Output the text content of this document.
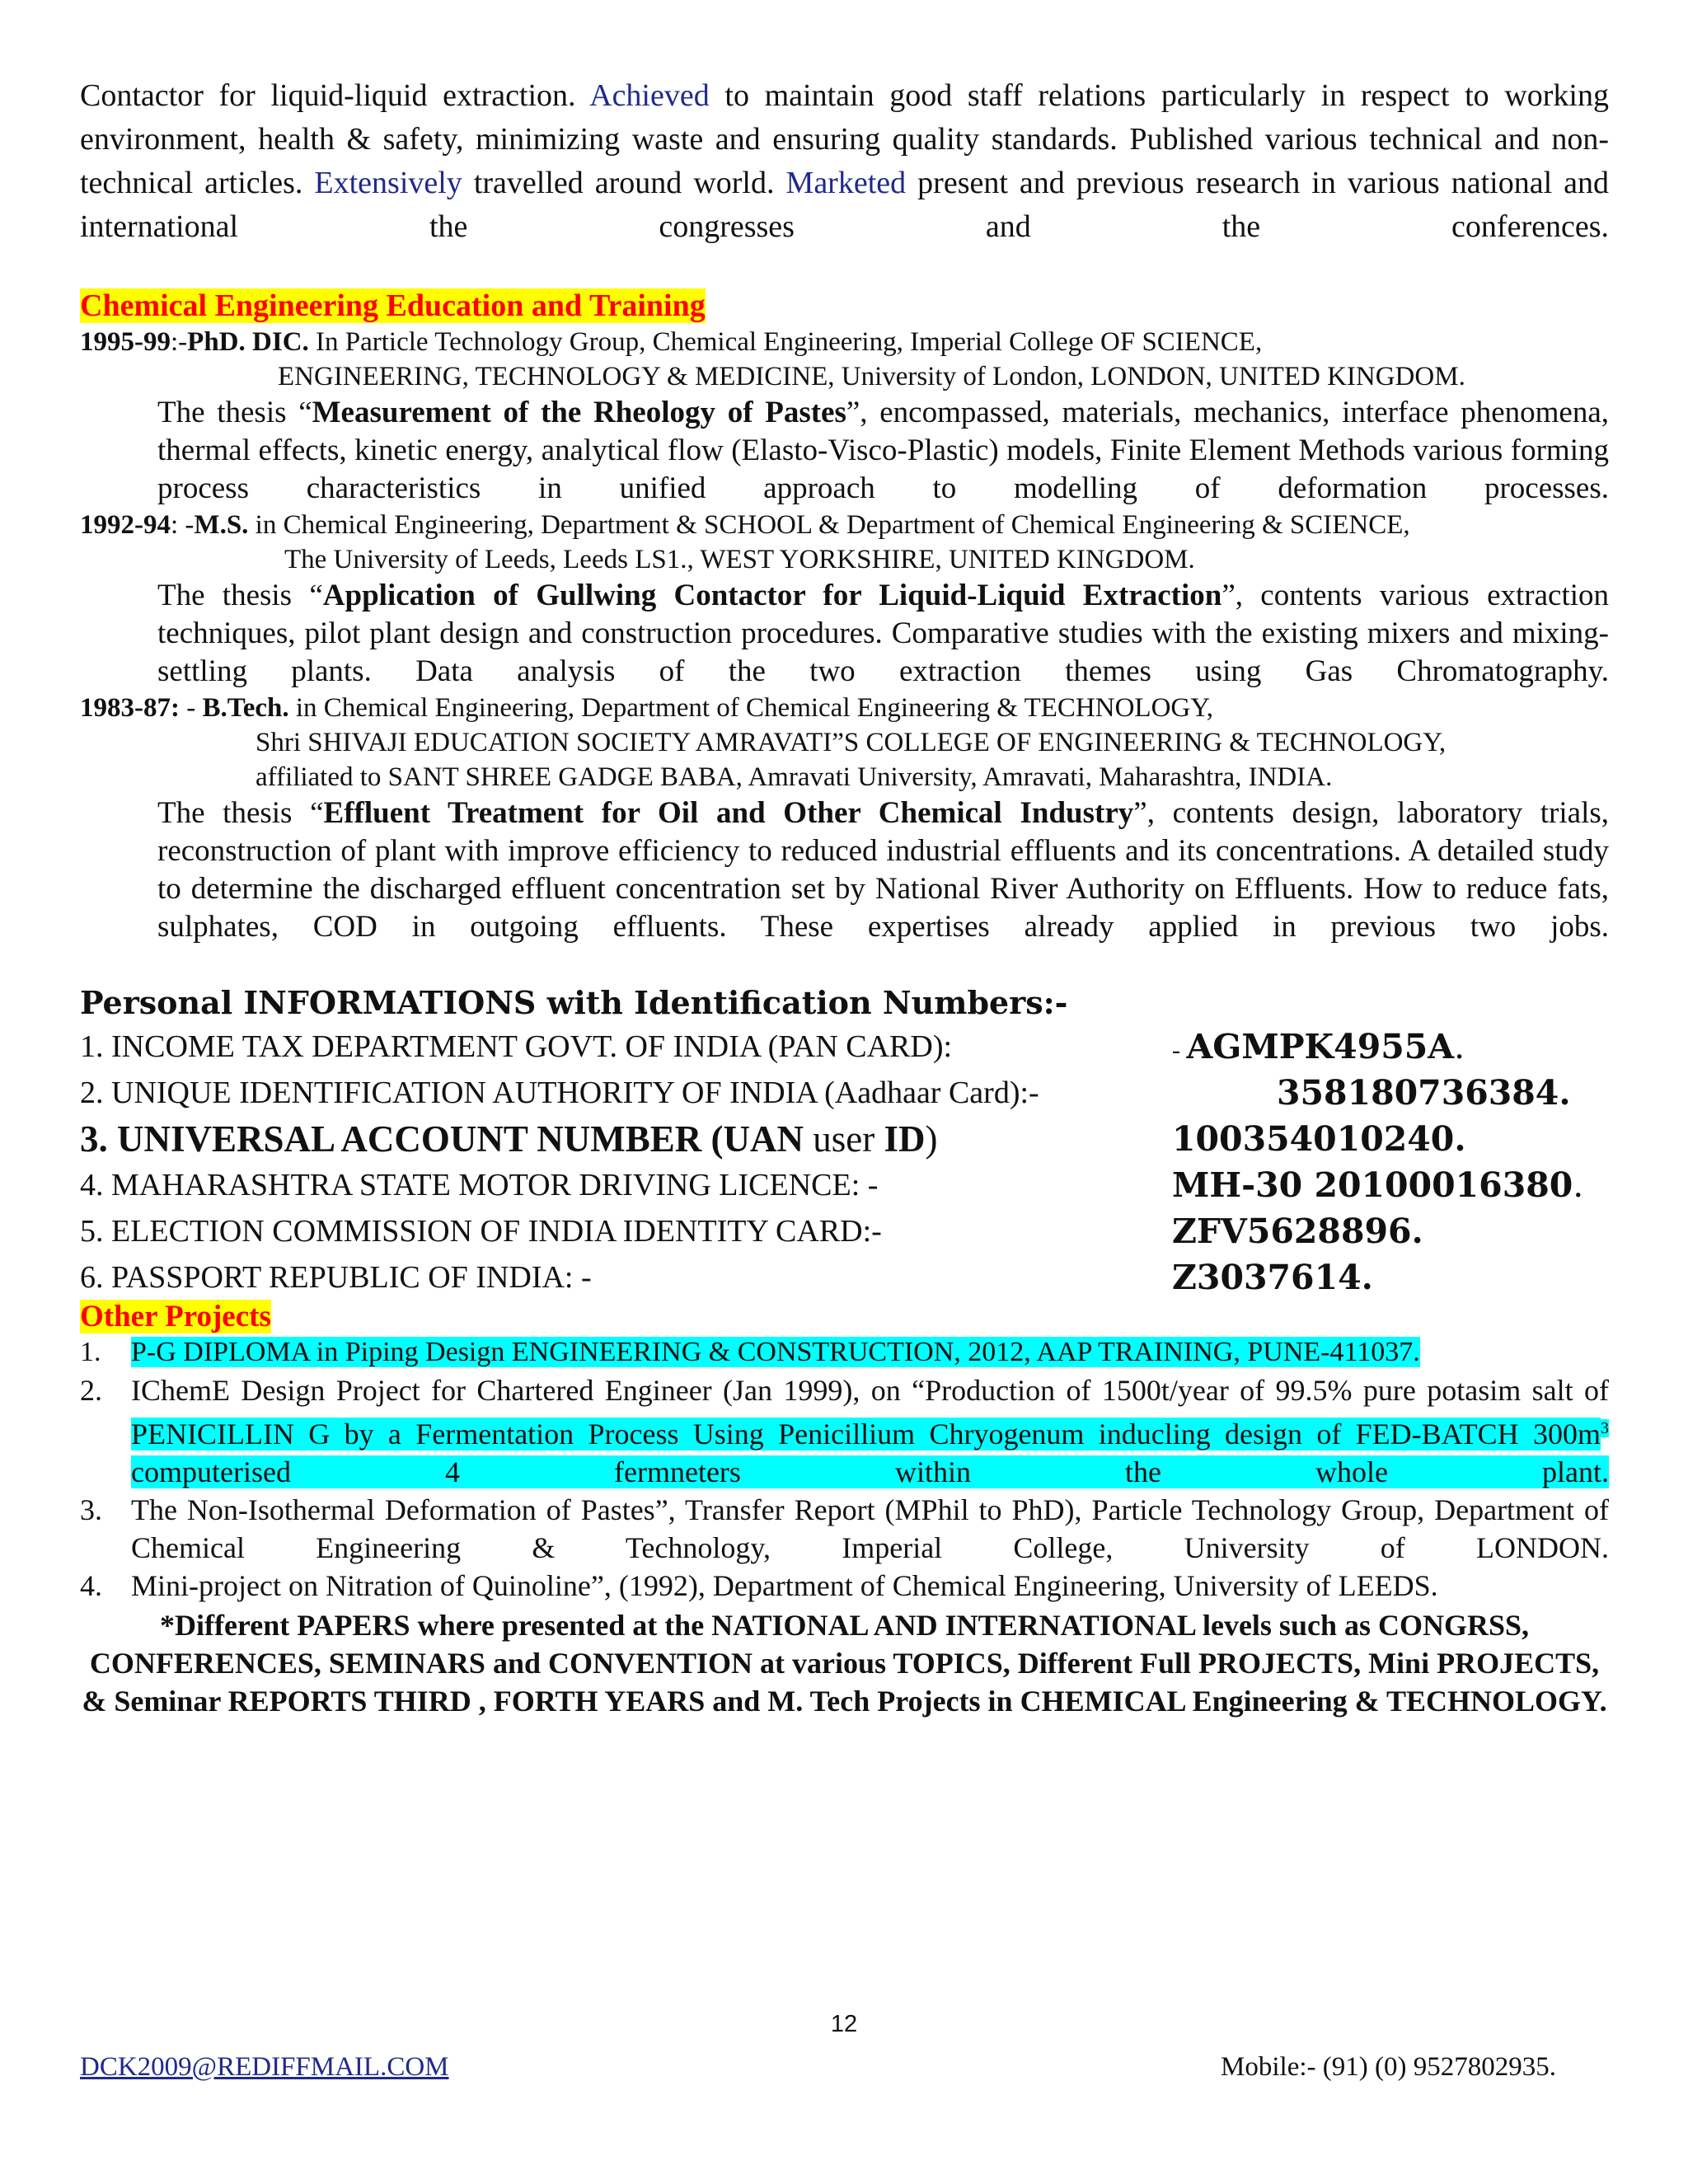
Contactor for liquid-liquid extraction. Achieved to maintain good staff relations particularly in respect to working environment, health & safety, minimizing waste and ensuring quality standards. Published various technical and non-technical articles. Extensively travelled around world. Marketed present and previous research in various national and international the congresses and the conferences.
Chemical Engineering Education and Training
1995-99:-PhD. DIC. In Particle Technology Group, Chemical Engineering, Imperial College OF SCIENCE,
ENGINEERING, TECHNOLOGY & MEDICINE, University of London, LONDON, UNITED KINGDOM.
The thesis “Measurement of the Rheology of Pastes”, encompassed, materials, mechanics, interface phenomena, thermal effects, kinetic energy, analytical flow (Elasto-Visco-Plastic) models, Finite Element Methods various forming process characteristics in unified approach to modelling of deformation processes.
1992-94: -M.S. in Chemical Engineering, Department & SCHOOL & Department of Chemical Engineering & SCIENCE,
The University of Leeds, Leeds LS1., WEST YORKSHIRE, UNITED KINGDOM.
The thesis “Application of Gullwing Contactor for Liquid-Liquid Extraction”, contents various extraction techniques, pilot plant design and construction procedures. Comparative studies with the existing mixers and mixing-settling plants. Data analysis of the two extraction themes using Gas Chromatography.
1983-87: - B.Tech. in Chemical Engineering, Department of Chemical Engineering & TECHNOLOGY,
Shri SHIVAJI EDUCATION SOCIETY AMRAVATI”S COLLEGE OF ENGINEERING & TECHNOLOGY,
affiliated to SANT SHREE GADGE BABA, Amravati University, Amravati, Maharashtra, INDIA.
The thesis “Effluent Treatment for Oil and Other Chemical Industry”, contents design, laboratory trials, reconstruction of plant with improve efficiency to reduced industrial effluents and its concentrations. A detailed study to determine the discharged effluent concentration set by National River Authority on Effluents. How to reduce fats, sulphates, COD in outgoing effluents. These expertises already applied in previous two jobs.
Personal INFORMATIONS with Identification Numbers:-
1. INCOME TAX DEPARTMENT GOVT. OF INDIA (PAN CARD):	- AGMPK4955A.
2. UNIQUE IDENTIFICATION AUTHORITY OF INDIA (Aadhaar Card):-	358180736384.
3. UNIVERSAL ACCOUNT NUMBER (UAN user ID)	100354010240.
4. MAHARASHTRA STATE MOTOR DRIVING LICENCE: -	MH-30 20100016380.
5. ELECTION COMMISSION OF INDIA IDENTITY CARD:-	ZFV5628896.
6. PASSPORT REPUBLIC OF INDIA: -	Z3037614.
Other Projects
1. P-G DIPLOMA in Piping Design ENGINEERING & CONSTRUCTION, 2012, AAP TRAINING, PUNE-411037.
2. IChemE Design Project for Chartered Engineer (Jan 1999), on “Production of 1500t/year of 99.5% pure potasim salt of PENICILLIN G by a Fermentation Process Using Penicillium Chryogenum inducling design of FED-BATCH $300m^3$ computerised 4 fermneters within the whole plant.
3. The Non-Isothermal Deformation of Pastes”, Transfer Report (MPhil to PhD), Particle Technology Group, Department of Chemical Engineering & Technology, Imperial College, University of LONDON.
4. Mini-project on Nitration of Quinoline”, (1992), Department of Chemical Engineering, University of LEEDS.
*Different PAPERS where presented at the NATIONAL AND INTERNATIONAL levels such as CONGRSS, CONFERENCES, SEMINARS and CONVENTION at various TOPICS, Different Full PROJECTS, Mini PROJECTS, & Seminar REPORTS THIRD , FORTH YEARS and M. Tech Projects in CHEMICAL Engineering & TECHNOLOGY.
12
DCK2009@REDIFFMAIL.COM	Mobile:- (91) (0) 9527802935.
